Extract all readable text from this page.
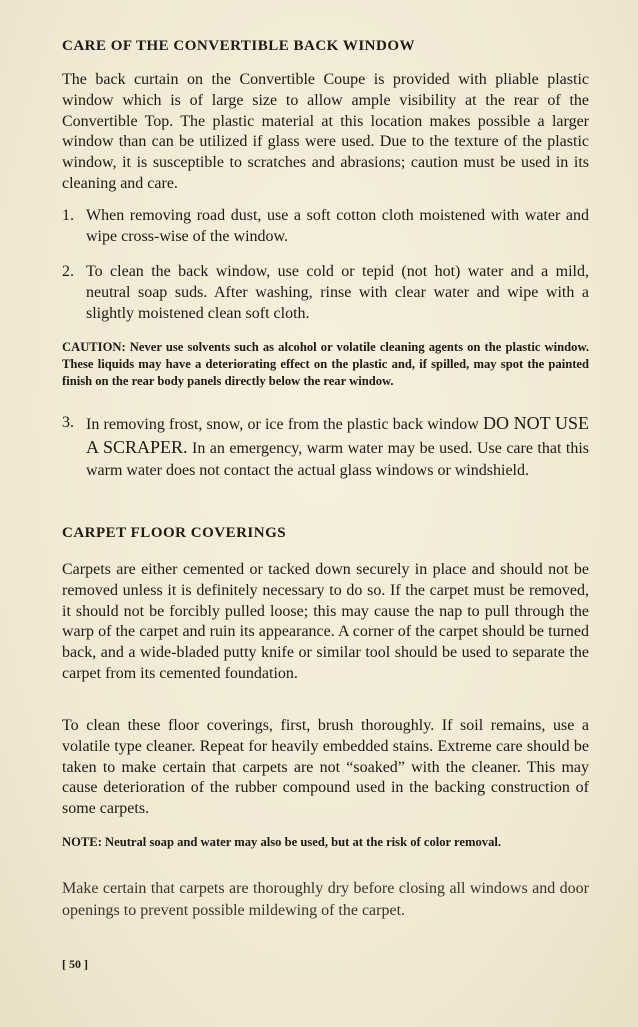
CARE OF THE CONVERTIBLE BACK WINDOW

The back curtain on the Convertible Coupe is provided with pliable plastic window which is of large size to allow ample visibility at the rear of the Convertible Top. The plastic material at this location makes possible a larger window than can be utilized if glass were used. Due to the texture of the plastic window, it is susceptible to scratches and abrasions; caution must be used in its cleaning and care.

1. When removing road dust, use a soft cotton cloth moistened with water and wipe cross-wise of the window.
2. To clean the back window, use cold or tepid (not hot) water and a mild, neutral soap suds. After washing, rinse with clear water and wipe with a slightly moistened clean soft cloth.

CAUTION: Never use solvents such as alcohol or volatile cleaning agents on the plastic window. These liquids may have a deteriorating effect on the plastic and, if spilled, may spot the painted finish on the rear body panels directly below the rear window.

3. In removing frost, snow, or ice from the plastic back window DO NOT USE A SCRAPER. In an emergency, warm water may be used. Use care that this warm water does not contact the actual glass windows or windshield.
CARPET FLOOR COVERINGS

Carpets are either cemented or tacked down securely in place and should not be removed unless it is definitely necessary to do so. If the carpet must be removed, it should not be forcibly pulled loose; this may cause the nap to pull through the warp of the carpet and ruin its appearance. A corner of the carpet should be turned back, and a wide-bladed putty knife or similar tool should be used to separate the carpet from its cemented foundation.

To clean these floor coverings, first, brush thoroughly. If soil remains, use a volatile type cleaner. Repeat for heavily embedded stains. Extreme care should be taken to make certain that carpets are not “soaked” with the cleaner. This may cause deterioration of the rubber compound used in the backing construction of some carpets.

NOTE: Neutral soap and water may also be used, but at the risk of color removal.

Make certain that carpets are thoroughly dry before closing all windows and door openings to prevent possible mildewing of the carpet.

[ 50 ]
